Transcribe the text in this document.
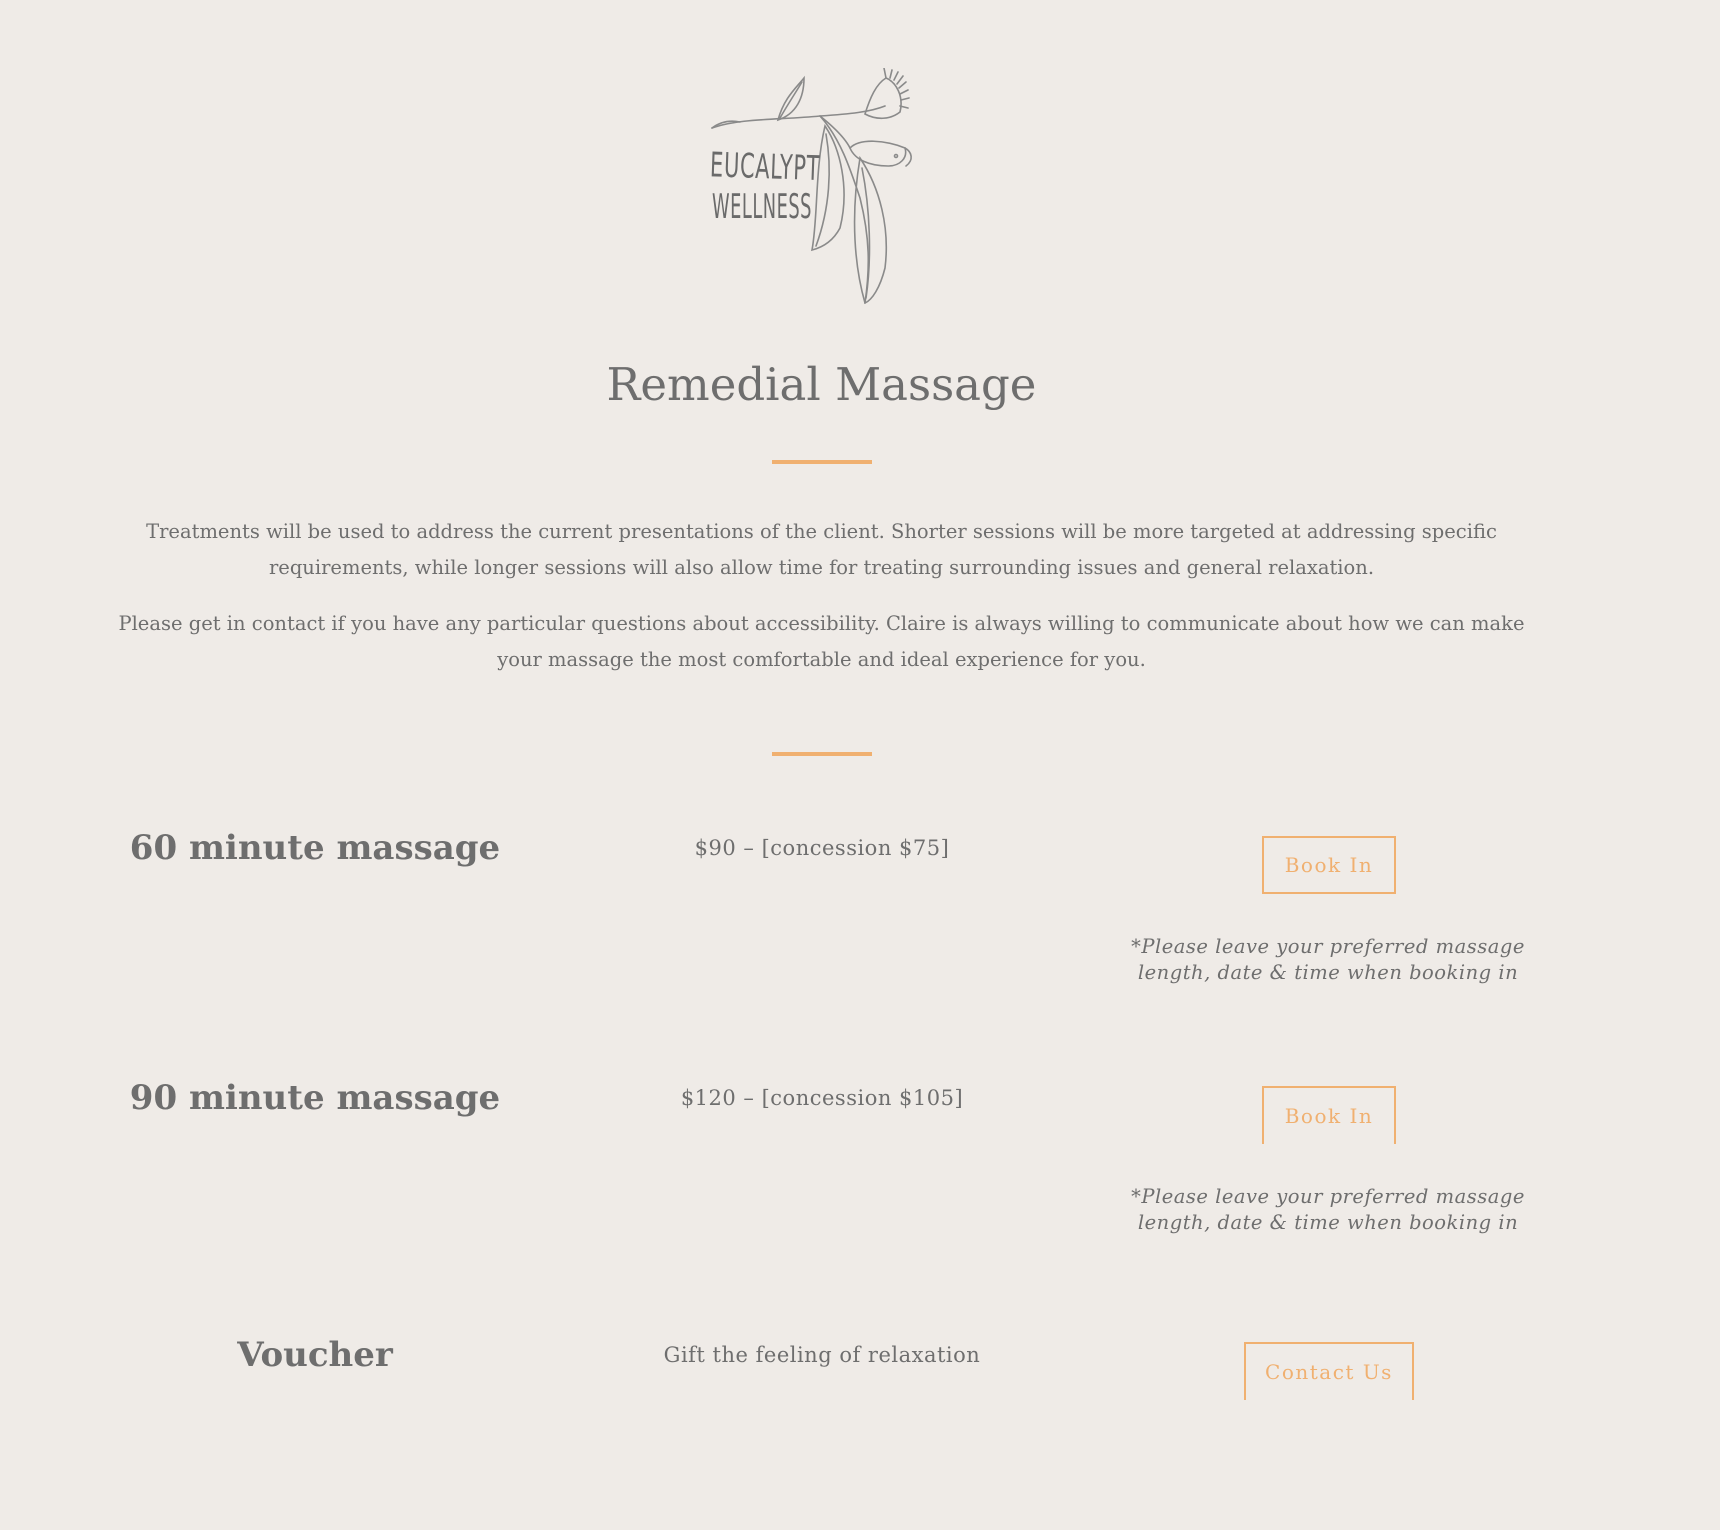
EUCALYPT
WELLNESS
Remedial Massage

Treatments will be used to address the current presentations of the client. Shorter sessions will be more targeted at addressing specific requirements, while longer sessions will also allow time for treating surrounding issues and general relaxation.

Please get in contact if you have any particular questions about accessibility. Claire is always willing to communicate about how we can make your massage the most comfortable and ideal experience for you.

60 minute massage	$90 – [concession $75]

Book In

*Please leave your preferred massage length, date & time when booking in

90 minute massage	$120 – [concession $105]

Book In

*Please leave your preferred massage length, date & time when booking in

Voucher	Gift the feeling of relaxation

Contact Us
